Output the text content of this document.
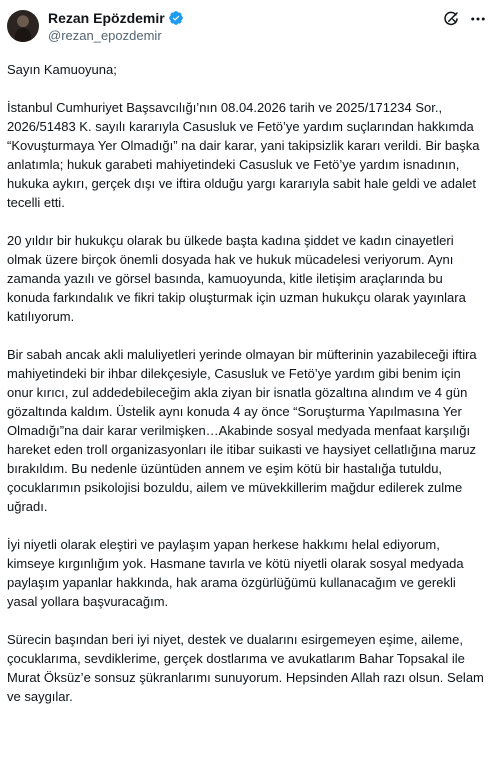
Rezan Epözdemir
@rezan_epozdemir

Sayın Kamuoyuna;

İstanbul Cumhuriyet Başsavcılığı’nın 08.04.2026 tarih ve 2025/171234 Sor., 2026/51483 K. sayılı kararıyla Casusluk ve Fetö’ye yardım suçlarından hakkımda “Kovuşturmaya Yer Olmadığı” na dair karar, yani takipsizlik kararı verildi. Bir başka anlatımla; hukuk garabeti mahiyetindeki Casusluk ve Fetö’ye yardım isnadının, hukuka aykırı, gerçek dışı ve iftira olduğu yargı kararıyla sabit hale geldi ve adalet tecelli etti.

20 yıldır bir hukukçu olarak bu ülkede başta kadına şiddet ve kadın cinayetleri olmak üzere birçok önemli dosyada hak ve hukuk mücadelesi veriyorum. Aynı zamanda yazılı ve görsel basında, kamuoyunda, kitle iletişim araçlarında bu konuda farkındalık ve fikri takip oluşturmak için uzman hukukçu olarak yayınlara katılıyorum.

Bir sabah ancak akli maluliyetleri yerinde olmayan bir müfterinin yazabileceği iftira mahiyetindeki bir ihbar dilekçesiyle, Casusluk ve Fetö’ye yardım gibi benim için onur kırıcı, zul addedebileceğim akla ziyan bir isnatla gözaltına alındım ve 4 gün gözaltında kaldım. Üstelik aynı konuda 4 ay önce “Soruşturma Yapılmasına Yer Olmadığı”na dair karar verilmişken…Akabinde sosyal medyada menfaat karşılığı hareket eden troll organizasyonları ile itibar suikasti ve haysiyet cellatlığına maruz bırakıldım. Bu nedenle üzüntüden annem ve eşim kötü bir hastalığa tutuldu, çocuklarımın psikolojisi bozuldu, ailem ve müvekkillerim mağdur edilerek zulme uğradı.

İyi niyetli olarak eleştiri ve paylaşım yapan herkese hakkımı helal ediyorum, kimseye kırgınlığım yok. Hasmane tavırla ve kötü niyetli olarak sosyal medyada paylaşım yapanlar hakkında, hak arama özgürlüğümü kullanacağım ve gerekli yasal yollara başvuracağım.

Sürecin başından beri iyi niyet, destek ve dualarını esirgemeyen eşime, aileme, çocuklarıma, sevdiklerime, gerçek dostlarıma ve avukatlarım Bahar Topsakal ile Murat Öksüz’e sonsuz şükranlarımı sunuyorum. Hepsinden Allah razı olsun. Selam ve saygılar.
